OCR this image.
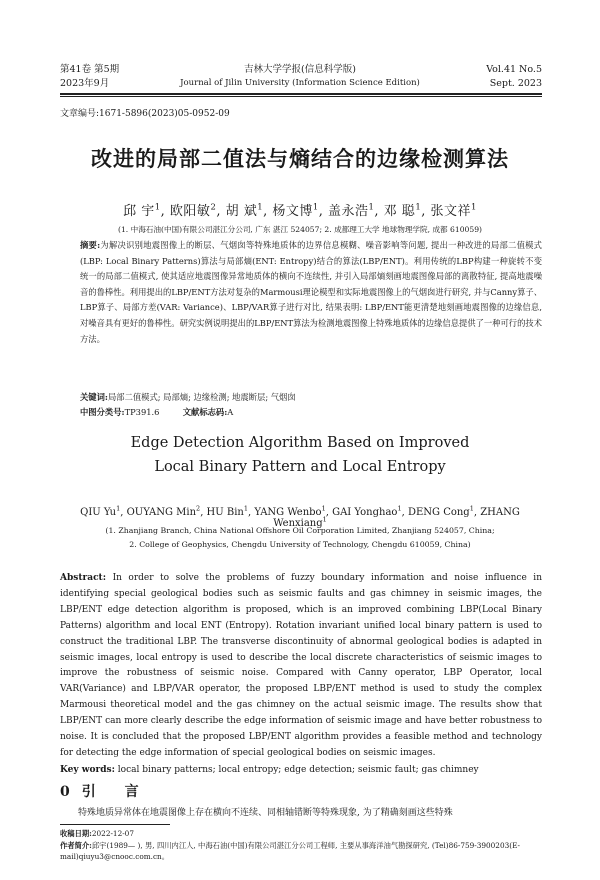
第41卷 第5期
2023年9月
吉林大学学报(信息科学版)
Journal of Jilin University (Information Science Edition)
Vol.41 No.5
Sept. 2023
文章编号:1671-5896(2023)05-0952-09
改进的局部二值法与熵结合的边缘检测算法
邱 宇$^1$, 欧阳敏$^2$, 胡 斌$^1$, 杨文博$^1$, 盖永浩$^1$, 邓 聪$^1$, 张文祥$^1$
(1. 中海石油(中国)有限公司湛江分公司, 广东 湛江 524057; 2. 成都理工大学 地球物理学院, 成都 610059)
摘要:为解决识别地震图像上的断层、气烟囱等特殊地质体的边界信息模糊、噪音影响等问题, 提出一种改进的局部二值模式(LBP: Local Binary Patterns)算法与局部熵(ENT: Entropy)结合的算法(LBP/ENT)。利用传统的LBP构建一种旋转不变统一的局部二值模式, 使其适应地震图像异常地质体的横向不连续性, 并引入局部熵刻画地震图像局部的离散特征, 提高地震噪音的鲁棒性。利用提出的LBP/ENT方法对复杂的Marmousi理论模型和实际地震图像上的气烟囱进行研究, 并与Canny算子、LBP算子、局部方差(VAR: Variance)、LBP/VAR算子进行对比, 结果表明: LBP/ENT能更清楚地刻画地震图像的边缘信息, 对噪音具有更好的鲁棒性。研究实例说明提出的LBP/ENT算法为检测地震图像上特殊地质体的边缘信息提供了一种可行的技术方法。
关键词:局部二值模式; 局部熵; 边缘检测; 地震断层; 气烟囱
中图分类号:TP391.6	文献标志码:A
Edge Detection Algorithm Based on Improved
Local Binary Pattern and Local Entropy
QIU Yu$^1$, OUYANG Min$^2$, HU Bin$^1$, YANG Wenbo$^1$, GAI Yonghao$^1$, DENG Cong$^1$, ZHANG Wenxiang$^1$
(1. Zhanjiang Branch, China National Offshore Oil Corporation Limited, Zhanjiang 524057, China;
2. College of Geophysics, Chengdu University of Technology, Chengdu 610059, China)
Abstract: In order to solve the problems of fuzzy boundary information and noise influence in identifying special geological bodies such as seismic faults and gas chimney in seismic images, the LBP/ENT edge detection algorithm is proposed, which is an improved combining LBP(Local Binary Patterns) algorithm and local ENT (Entropy). Rotation invariant unified local binary pattern is used to construct the traditional LBP. The transverse discontinuity of abnormal geological bodies is adapted in seismic images, local entropy is used to describe the local discrete characteristics of seismic images to improve the robustness of seismic noise. Compared with Canny operator, LBP Operator, local VAR(Variance) and LBP/VAR operator, the proposed LBP/ENT method is used to study the complex Marmousi theoretical model and the gas chimney on the actual seismic image. The results show that LBP/ENT can more clearly describe the edge information of seismic image and have better robustness to noise. It is concluded that the proposed LBP/ENT algorithm provides a feasible method and technology for detecting the edge information of special geological bodies on seismic images.
Key words: local binary patterns; local entropy; edge detection; seismic fault; gas chimney
0引 言
特殊地质异常体在地震图像上存在横向不连续、同相轴错断等特殊现象, 为了精确刻画这些特殊
收稿日期:2022-12-07
作者简介:邱宇(1989— ), 男, 四川内江人, 中海石油(中国)有限公司湛江分公司工程师, 主要从事海洋油气勘探研究, (Tel)86-759-3900203(E-mail)qiuyu3@cnooc.com.cn。
